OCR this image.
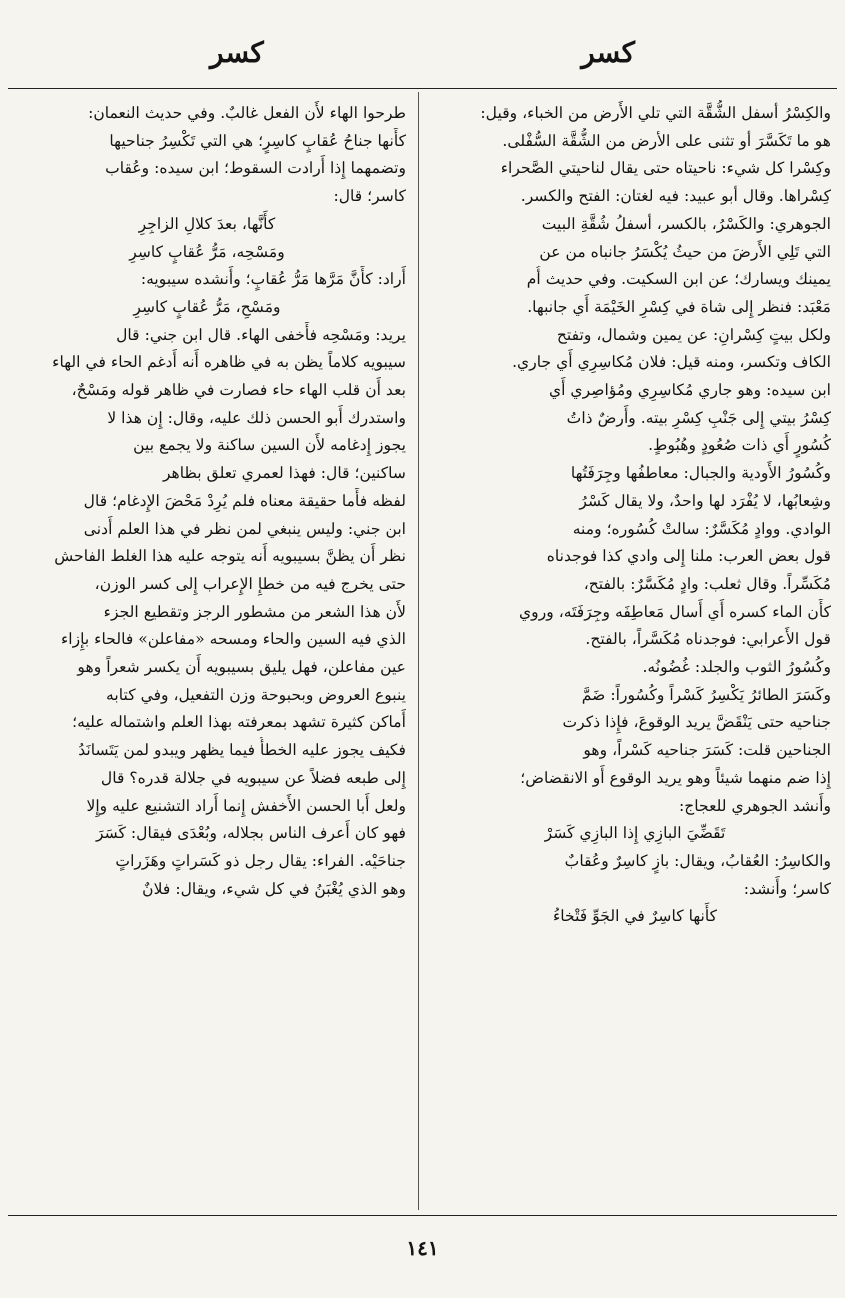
كسر
كسر
والكِسْرُ أسفل الشُّقَّة التي تلي الأَرض من الخباء، وقيل:
هو ما تَكَسَّرَ أو تثنى على الأرض من الشُّقَّة السُّفْلى.
وكِسْرا كل شيء: ناحيتاه حتى يقال لناحيتي الصَّحراء
كِسْراها. وقال أبو عبيد: فيه لغتان: الفتح والكسر.
الجوهري: والكَسْرُ، بالكسر، أسفلُ شُقَّةِ البيت
التي تَلِي الأَرضَ من حيثُ يُكْسَرُ جانباه من عن
يمينك ويسارك؛ عن ابن السكيت. وفي حديث أُم
مَعْبَد: فنظر إِلى شاة في كِسْرِ الخَيْمَة أَي جانبها.
ولكل بيتٍ كِسْرانِ: عن يمين وشمال، وتفتح
الكاف وتكسر، ومنه قيل: فلان مُكاسِرِي أَي جاري.
ابن سيده: وهو جاري مُكاسِرِي ومُؤاصِري أَي
كِسْرُ بيتي إِلى جَنْبِ كِسْرِ بيته. وأَرضٌ ذاتُ
كُسُورٍ أَي ذات صُعُودٍ وهُبُوطٍ.
وكُسُورُ الأَودية والجبال: معاطفُها وجِرَفَتُها
وشِعابُها، لا يُفْرَد لها واحدٌ، ولا يقال كَسْرُ
الوادي. ووادٍ مُكَسَّرٌ: سالتْ كُسُوره؛ ومنه
قول بعض العرب: ملنا إِلى وادي كذا فوجدناه
مُكَسِّراً. وقال ثعلب: وادٍ مُكَسَّرٌ: بالفتح،
كأَن الماء كسره أَي أَسال مَعاطِفَه وجِرَفَتَه، وروي
قول الأَعرابي: فوجدناه مُكَسَّراً، بالفتح.
وكُسُورُ الثوب والجلد: غُضُونُه.
وكَسَرَ الطائرُ يَكْسِرُ كَسْراً وكُسُوراً: ضَمَّ
جناحيه حتى يَنْقَضَّ يريد الوقوعَ، فإِذا ذكرت
الجناحين قلت: كَسَرَ جناحيه كَسْراً، وهو
إِذا ضم منهما شيئاً وهو يريد الوقوع أَو الانقضاض؛
وأَنشد الجوهري للعجاج:
تَقَضِّيَ البازِي إِذا البازِي كَسَرْ
والكاسِرُ: العُقابُ، ويقال: بازٍ كاسِرٌ وعُقابٌ
كاسر؛ وأَنشد:
كأَنها كاسِرٌ في الجَوِّ فَتْخاءُ
طرحوا الهاء لأَن الفعل غالبٌ. وفي حديث النعمان:
كأَنها جناحُ عُقابٍ كاسِرٍ؛ هي التي تَكْسِرُ جناحيها
وتضمهما إِذا أَرادت السقوط؛ ابن سيده: وعُقاب
كاسر؛ قال:
كأَنَّها، بعدَ كلالِ الزاجِرِ
ومَسْحِه، مَرُّ عُقابٍ كاسِرِ
أَراد: كأَنَّ مَرَّها مَرُّ عُقابٍ؛ وأَنشده سيبويه:
ومَسْحِ، مَرُّ عُقابٍ كاسِرِ
يريد: ومَسْحِه فأَخفى الهاء. قال ابن جني: قال
سيبويه كلاماً يظن به في ظاهره أَنه أَدغم الحاء في الهاء
بعد أَن قلب الهاء حاء فصارت في ظاهر قوله ومَسْحٌ،
واستدرك أَبو الحسن ذلك عليه، وقال: إِن هذا لا
يجوز إِدغامه لأَن السين ساكنة ولا يجمع بين
ساكنين؛ قال: فهذا لعمري تعلق بظاهر
لفظه فأَما حقيقة معناه فلم يُرِدْ مَحْضَ الإِدغام؛ قال
ابن جني: وليس ينبغي لمن نظر في هذا العلم أَدنى
نظر أَن يظنَّ بسيبويه أَنه يتوجه عليه هذا الغلط الفاحش
حتى يخرج فيه من خطإِ الإِعراب إِلى كسر الوزن،
لأَن هذا الشعر من مشطور الرجز وتقطيع الجزء
الذي فيه السين والحاء ومسحه «مفاعلن» فالحاء بإِزاء
عين مفاعلن، فهل يليق بسيبويه أَن يكسر شعراً وهو
ينبوع العروض وبحبوحة وزن التفعيل، وفي كتابه
أَماكن كثيرة تشهد بمعرفته بهذا العلم واشتماله عليه؛
فكيف يجوز عليه الخطأُ فيما يظهر ويبدو لمن يَتَسانَدُ
إِلى طبعه فضلاً عن سيبويه في جلالة قدره؟ قال
ولعل أَبا الحسن الأَخفش إِنما أَراد التشنيع عليه وإِلا
فهو كان أَعرف الناس بجلاله، وبُعْدَى فيقال: كَسَرَ
جناحَيْه. الفراء: يقال رجل ذو كَسَراتٍ وهَزَراتٍ
وهو الذي يُغْبَنُ في كل شيء، ويقال: فلانٌ
١٤١
